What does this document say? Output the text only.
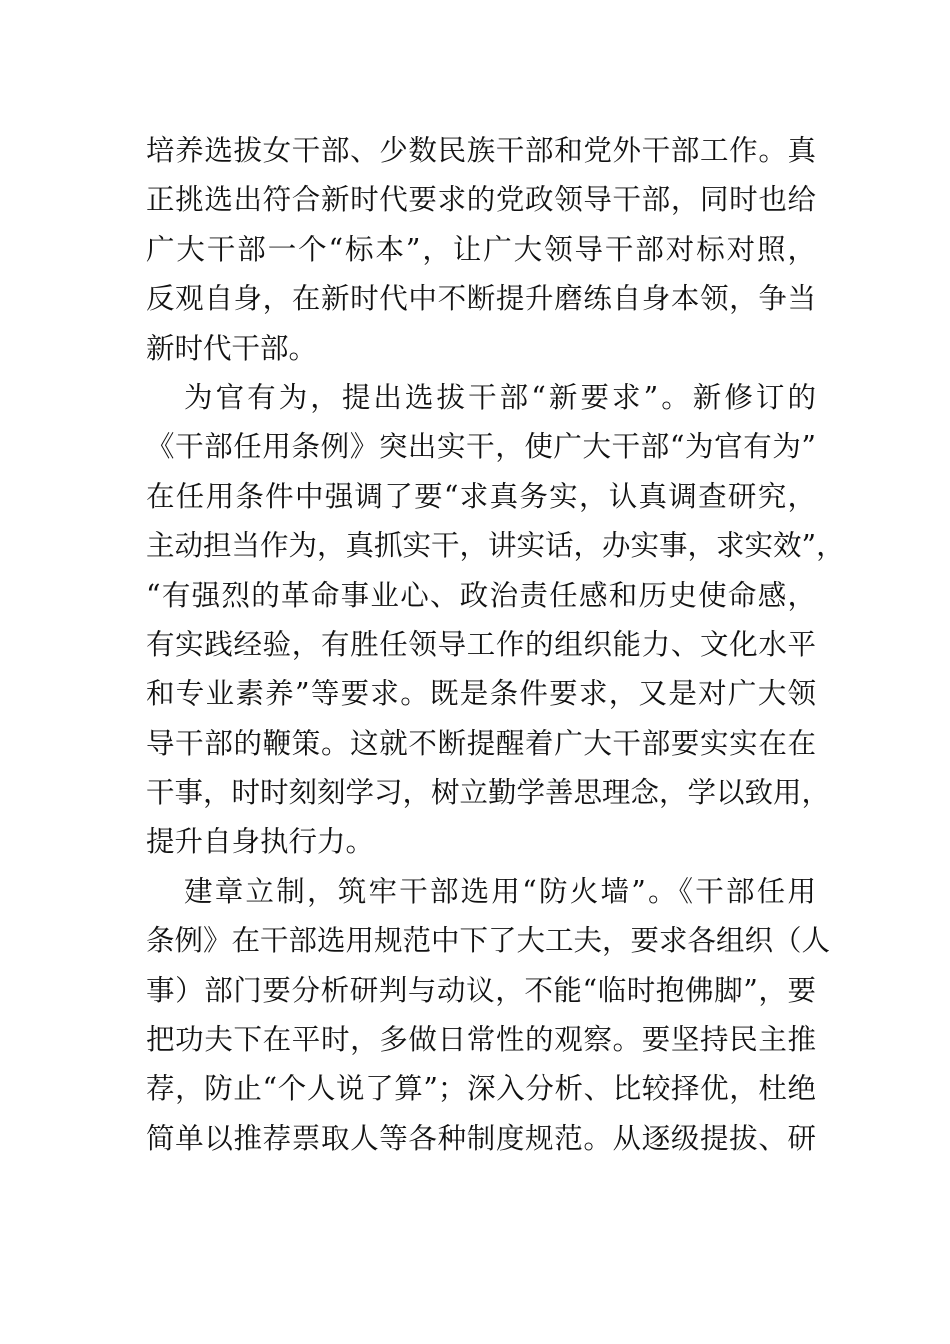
培养选拔女干部、少数民族干部和党外干部工作。真
正挑选出符合新时代要求的党政领导干部，同时也给
广大干部一个“标本”，让广大领导干部对标对照，
反观自身，在新时代中不断提升磨练自身本领，争当
新时代干部。
为官有为，提出选拔干部“新要求”。新修订的
《干部任用条例》突出实干，使广大干部“为官有为”
在任用条件中强调了要“求真务实，认真调查研究，
主动担当作为，真抓实干，讲实话，办实事，求实效”，
“有强烈的革命事业心、政治责任感和历史使命感，
有实践经验，有胜任领导工作的组织能力、文化水平
和专业素养”等要求。既是条件要求，又是对广大领
导干部的鞭策。这就不断提醒着广大干部要实实在在
干事，时时刻刻学习，树立勤学善思理念，学以致用，
提升自身执行力。
建章立制，筑牢干部选用“防火墙”。《干部任用
条例》在干部选用规范中下了大工夫，要求各组织（人
事）部门要分析研判与动议，不能“临时抱佛脚”，要
把功夫下在平时，多做日常性的观察。要坚持民主推
荐，防止“个人说了算”；深入分析、比较择优，杜绝
简单以推荐票取人等各种制度规范。从逐级提拔、研
